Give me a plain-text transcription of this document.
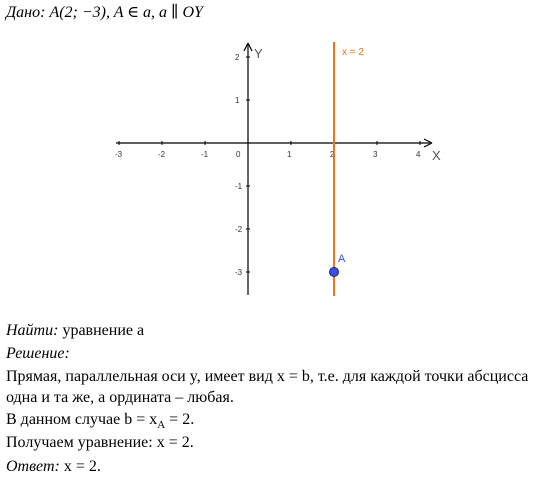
Дано: A(2; −3), A ∈ a, a ∥ OY
X
Y
-3	-2	-1	0	1	2	3	4
2
1
-1
-2
-3
x = 2
A
Найти: уравнение a
Решение:
Прямая, параллельная оси y, имеет вид x = b, т.е. для каждой точки абсцисса
одна и та же, а ордината – любая.
В данном случае $b = x_A = 2$.
Получаем уравнение: x = 2.
Ответ: x = 2.
